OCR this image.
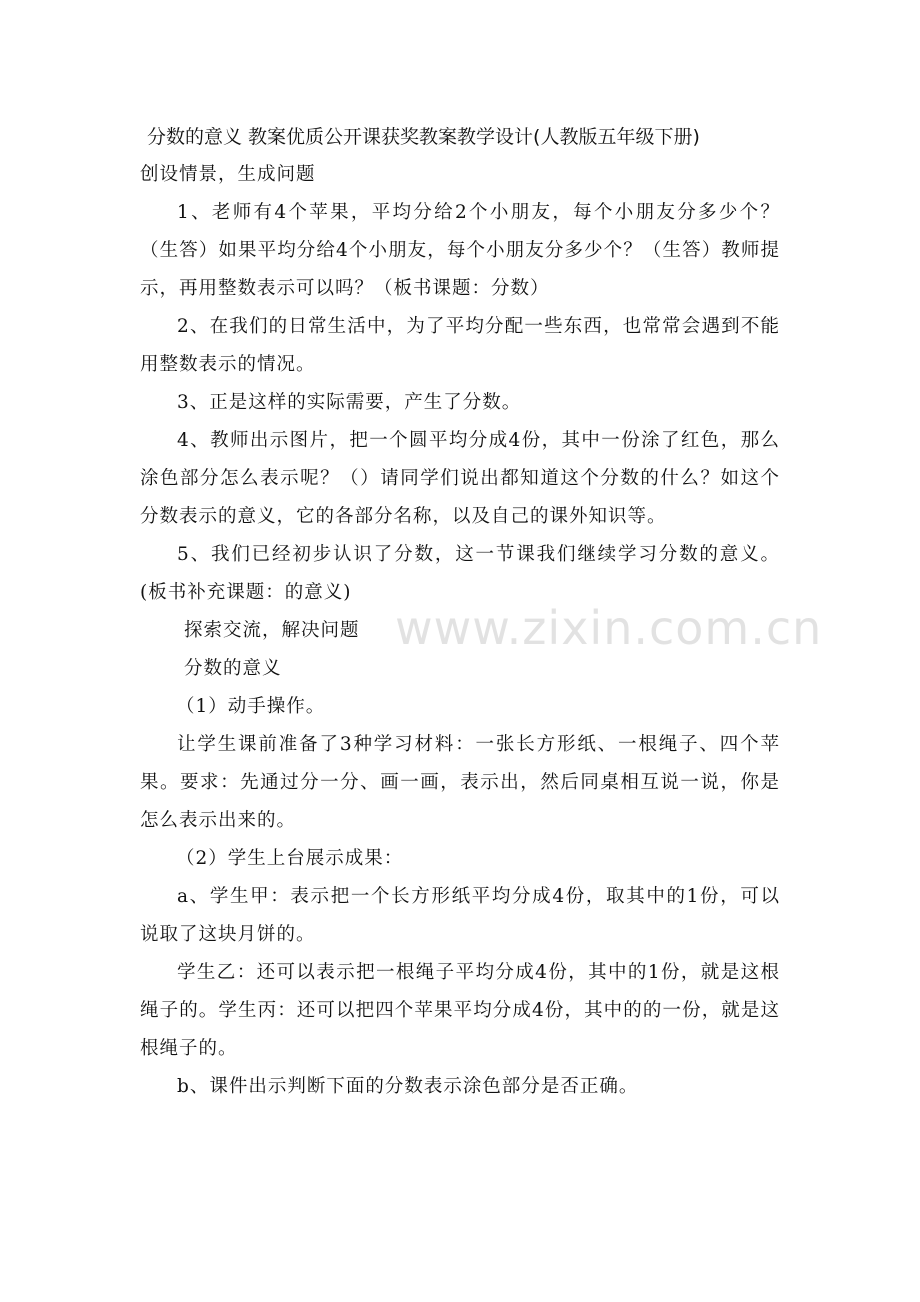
分数的意义 教案优质公开课获奖教案教学设计(人教版五年级下册)

创设情景，生成问题

1、老师有4个苹果，平均分给2个小朋友，每个小朋友分多少个？（生答）如果平均分给4个小朋友，每个小朋友分多少个？（生答）教师提示，再用整数表示可以吗？（板书课题：分数）

2、在我们的日常生活中，为了平均分配一些东西，也常常会遇到不能用整数表示的情况。

3、正是这样的实际需要，产生了分数。

4、教师出示图片，把一个圆平均分成4份，其中一份涂了红色，那么涂色部分怎么表示呢？（）请同学们说出都知道这个分数的什么？如这个分数表示的意义，它的各部分名称，以及自己的课外知识等。

5、我们已经初步认识了分数，这一节课我们继续学习分数的意义。(板书补充课题：的意义)

探索交流，解决问题

分数的意义

（1）动手操作。

让学生课前准备了3种学习材料：一张长方形纸、一根绳子、四个苹果。要求：先通过分一分、画一画，表示出，然后同桌相互说一说，你是怎么表示出来的。

（2）学生上台展示成果：

a、学生甲：表示把一个长方形纸平均分成4份，取其中的1份，可以说取了这块月饼的。

学生乙：还可以表示把一根绳子平均分成4份，其中的1份，就是这根绳子的。学生丙：还可以把四个苹果平均分成4份，其中的的一份，就是这根绳子的。

b、课件出示判断下面的分数表示涂色部分是否正确。

www.zixin.com.cn
